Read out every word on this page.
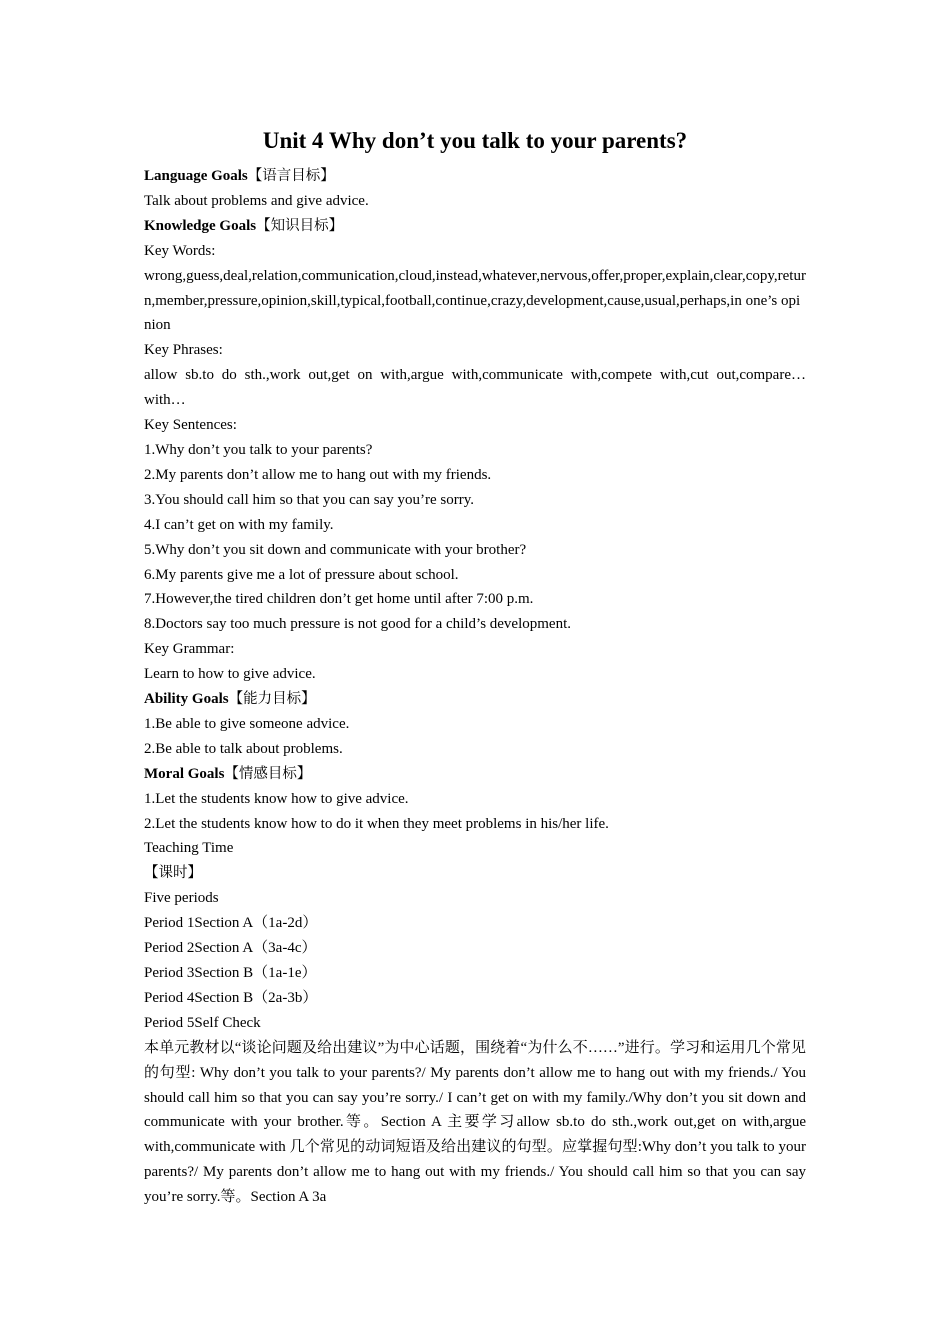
Unit 4 Why don’t you talk to your parents?
Language Goals【语言目标】
Talk about problems and give advice.
Knowledge Goals【知识目标】
Key Words:
wrong,guess,deal,relation,communication,cloud,instead,whatever,nervous,offer,proper,explain,clear,copy,return,member,pressure,opinion,skill,typical,football,continue,crazy,development,cause,usual,perhaps,in one’s opinion
Key Phrases:
allow sb.to do sth.,work out,get on with,argue with,communicate with,compete with,cut out,compare… with…
Key Sentences:
1.Why don’t you talk to your parents?
2.My parents don’t allow me to hang out with my friends.
3.You should call him so that you can say you’re sorry.
4.I can’t get on with my family.
5.Why don’t you sit down and communicate with your brother?
6.My parents give me a lot of pressure about school.
7.However,the tired children don’t get home until after 7:00 p.m.
8.Doctors say too much pressure is not good for a child’s development.
Key Grammar:
Learn to how to give advice.
Ability Goals【能力目标】
1.Be able to give someone advice.
2.Be able to talk about problems.
Moral Goals【情感目标】
1.Let the students know how to give advice.
2.Let the students know how to do it when they meet problems in his/her life.
Teaching Time
【课时】
Five periods
Period 1Section A（1a-2d）
Period 2Section A（3a-4c）
Period 3Section B（1a-1e）
Period 4Section B（2a-3b）
Period 5Self Check
本单元教材以“谈论问题及给出建议”为中心话题，围绕着“为什么不……”进行。学习和运用几个常见的句型: Why don’t you talk to your parents?/ My parents don’t allow me to hang out with my friends./ You should call him so that you can say you’re sorry./ I can’t get on with my family./Why don’t you sit down and communicate with your brother.等。Section A 主要学习allow sb.to do sth.,work out,get on with,argue with,communicate with 几个常见的动词短语及给出建议的句型。应掌握句型:Why don’t you talk to your parents?/ My parents don’t allow me to hang out with my friends./ You should call him so that you can say you’re sorry.等。Section A 3a
